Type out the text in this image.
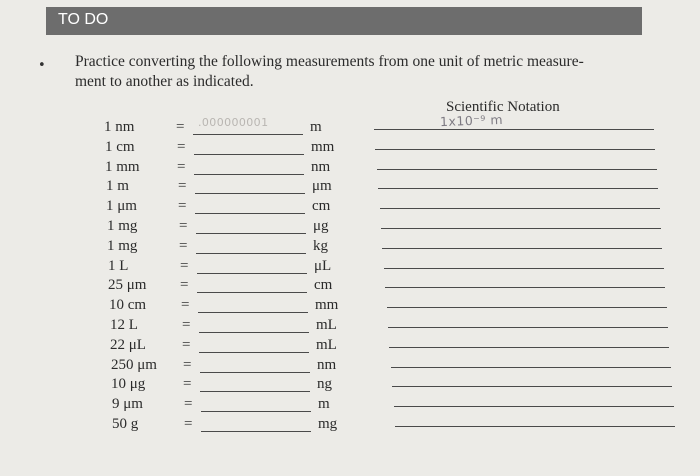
TO DO
• Practice converting the following measurements from one unit of metric measure-
ment to another as indicated.
Scientific Notation
1x10⁻⁹ m
.000000001
1 nm	=	m
1 cm	=	mm
1 mm =	nm
1 m	=	μm
1 μm	=	cm
1 mg	=	μg
1 mg	=	kg
1 L	=	μL
25 μm =	cm
10 cm =	mm
12 L	=	mL
22 μL =	mL
250 μm =	nm
10 μg	=	ng
9 μm	=	m
50 g	=	mg
